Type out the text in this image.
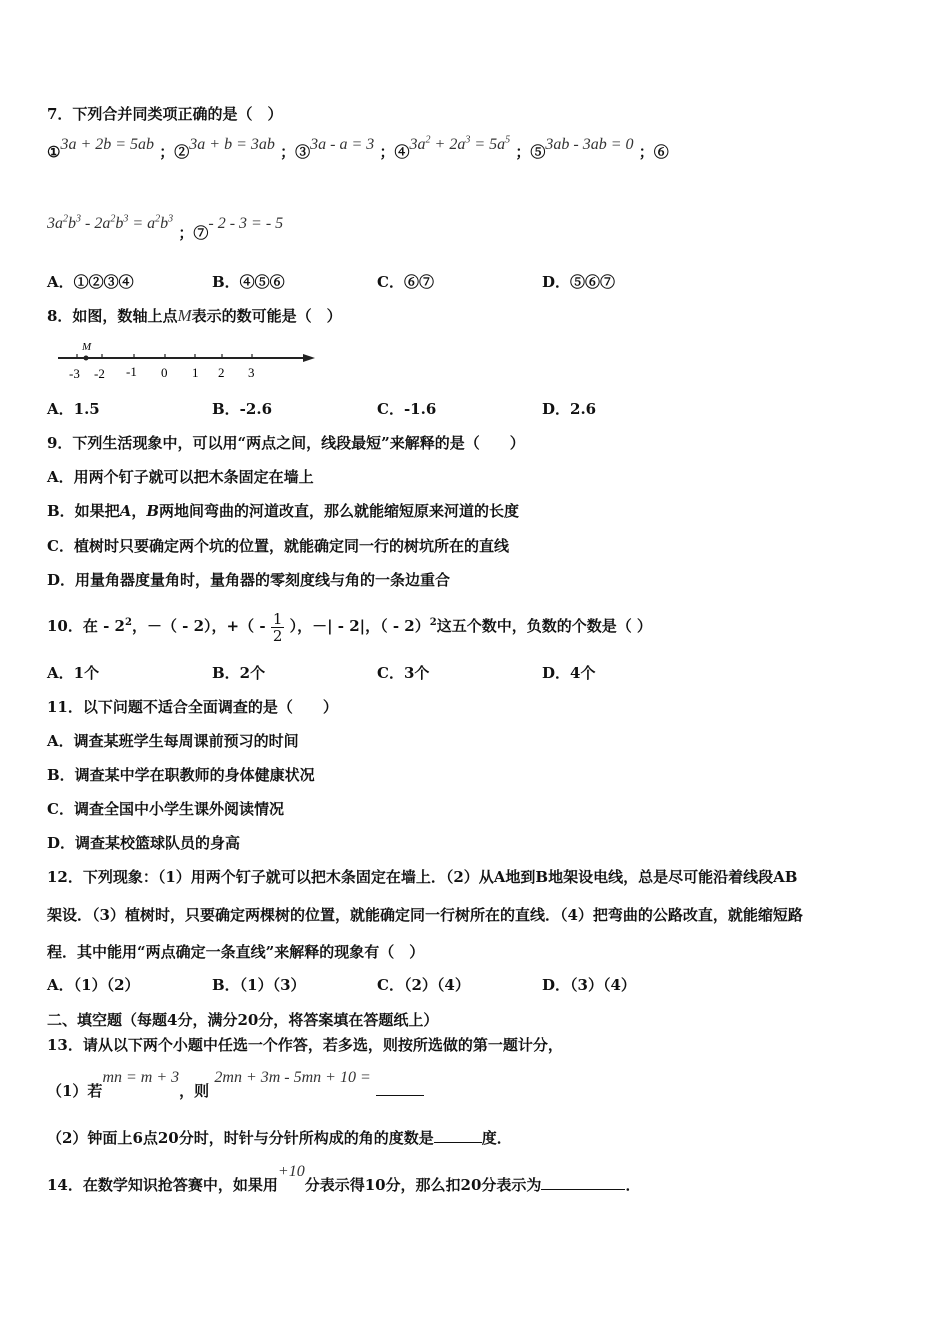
7．下列合并同类项正确的是（　）
①3a + 2b = 5ab ；②3a + b = 3ab ；③3a - a = 3 ；$④3a^2 + 2a^3 = 5a^5$ ；⑤3ab - 3ab = 0 ；⑥
$3a^2b^3 - 2a^2b^3 = a^2b^3$ ；⑦- 2 - 3 = - 5
A．①②③④	B．④⑤⑥	C．⑥⑦	D．⑤⑥⑦
8．如图，数轴上点M表示的数可能是（　）
M
-3 -2 -1 0 1 2 3
A．1.5	B．-2.6	C．-1.6	D．2.6
9．下列生活现象中，可以用“两点之间，线段最短”来解释的是（　　）
A．用两个钉子就可以把木条固定在墙上
B．如果把A，B两地间弯曲的河道改直，那么就能缩短原来河道的长度
C．植树时只要确定两个坑的位置，就能确定同一行的树坑所在的直线
D．用量角器度量角时，量角器的零刻度线与角的一条边重合
10．在 - $2^2$，－（ - 2），+（ - $\frac{1}{2}$ ），－| - 2|，（ - 2）$^2$这五个数中，负数的个数是（ ）
A．1个	B．2个	C．3个	D．4个
11．以下问题不适合全面调查的是（　　）
A．调查某班学生每周课前预习的时间
B．调查某中学在职教师的身体健康状况
C．调查全国中小学生课外阅读情况
D．调查某校篮球队员的身高
12．下列现象：（1）用两个钉子就可以把木条固定在墙上．（2）从A地到B地架设电线，总是尽可能沿着线段AB
架设．（3）植树时，只要确定两棵树的位置，就能确定同一行树所在的直线．（4）把弯曲的公路改直，就能缩短路
程．其中能用“两点确定一条直线”来解释的现象有（　）
A．（1）（2）	B．（1）（3）	C．（2）（4）	D．（3）（4）
二、填空题（每题4分，满分20分，将答案填在答题纸上）
13．请从以下两个小题中任选一个作答，若多选，则按所选做的第一题计分，
（1）若mn = m + 3，则 2mn + 3m - 5mn + 10 =
（2）钟面上6点20分时，时针与分针所构成的角的度数是	度．
14．在数学知识抢答赛中，如果用+10分表示得10分，那么扣20分表示为	．
